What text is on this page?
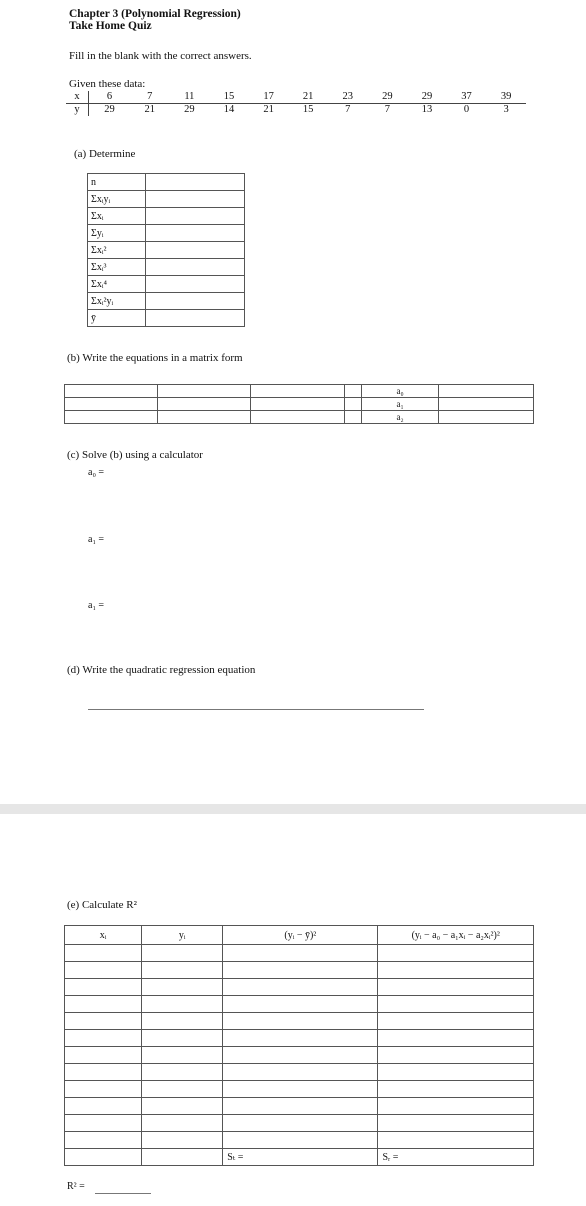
Chapter 3 (Polynomial Regression)
Take Home Quiz
Fill in the blank with the correct answers.
Given these data:
x	6	7	11	15	17	21	23	29	29	37	39
y	29	21	29	14	21	15	7	7	13	0	3
(a) Determine
n	
Σxᵢyᵢ	
Σxᵢ	
Σyᵢ	
Σxᵢ²	
Σxᵢ³	
Σxᵢ⁴	
Σxᵢ²yᵢ	
ȳ	
(b) Write the equations in a matrix form
				a₀	
				a₁	
				a₂	
(c) Solve (b) using a calculator
a₀ =
a₁ =
a₁ =
(d) Write the quadratic regression equation
(e) Calculate R²
xᵢ	yᵢ	(yᵢ − ȳ)²	(yᵢ − a₀ − a₁xᵢ − a₂xᵢ²)²

		Sₜ =	Sᵣ =
R² =
